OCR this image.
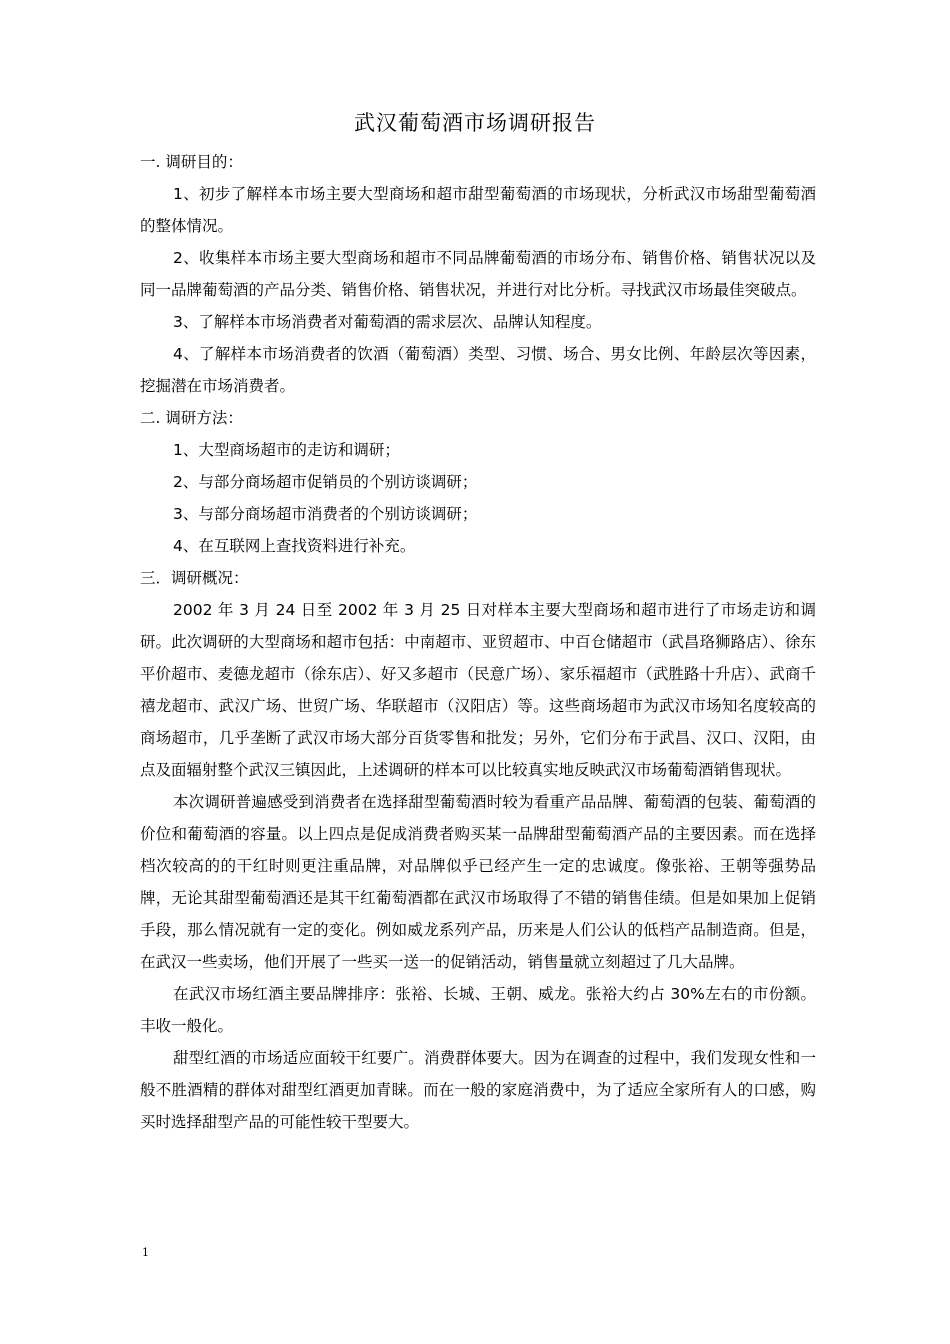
武汉葡萄酒市场调研报告

一. 调研目的：

1、初步了解样本市场主要大型商场和超市甜型葡萄酒的市场现状，分析武汉市场甜型葡萄酒的整体情况。

2、收集样本市场主要大型商场和超市不同品牌葡萄酒的市场分布、销售价格、销售状况以及同一品牌葡萄酒的产品分类、销售价格、销售状况，并进行对比分析。寻找武汉市场最佳突破点。

3、了解样本市场消费者对葡萄酒的需求层次、品牌认知程度。

4、了解样本市场消费者的饮酒（葡萄酒）类型、习惯、场合、男女比例、年龄层次等因素，挖掘潜在市场消费者。

二. 调研方法：

1、大型商场超市的走访和调研；

2、与部分商场超市促销员的个别访谈调研；

3、与部分商场超市消费者的个别访谈调研；

4、在互联网上查找资料进行补充。

三．调研概况：

2002 年 3 月 24 日至 2002 年 3 月 25 日对样本主要大型商场和超市进行了市场走访和调研。此次调研的大型商场和超市包括：中南超市、亚贸超市、中百仓储超市（武昌珞狮路店）、徐东平价超市、麦德龙超市（徐东店）、好又多超市（民意广场）、家乐福超市（武胜路十升店）、武商千禧龙超市、武汉广场、世贸广场、华联超市（汉阳店）等。这些商场超市为武汉市场知名度较高的商场超市，几乎垄断了武汉市场大部分百货零售和批发；另外，它们分布于武昌、汉口、汉阳，由点及面辐射整个武汉三镇因此，上述调研的样本可以比较真实地反映武汉市场葡萄酒销售现状。

本次调研普遍感受到消费者在选择甜型葡萄酒时较为看重产品品牌、葡萄酒的包装、葡萄酒的价位和葡萄酒的容量。以上四点是促成消费者购买某一品牌甜型葡萄酒产品的主要因素。而在选择档次较高的的干红时则更注重品牌，对品牌似乎已经产生一定的忠诚度。像张裕、王朝等强势品牌，无论其甜型葡萄酒还是其干红葡萄酒都在武汉市场取得了不错的销售佳绩。但是如果加上促销手段，那么情况就有一定的变化。例如威龙系列产品，历来是人们公认的低档产品制造商。但是，在武汉一些卖场，他们开展了一些买一送一的促销活动，销售量就立刻超过了几大品牌。

在武汉市场红酒主要品牌排序：张裕、长城、王朝、威龙。张裕大约占 30%左右的市份额。丰收一般化。

甜型红酒的市场适应面较干红要广。消费群体要大。因为在调查的过程中，我们发现女性和一般不胜酒精的群体对甜型红酒更加青睐。而在一般的家庭消费中，为了适应全家所有人的口感，购买时选择甜型产品的可能性较干型要大。

1
